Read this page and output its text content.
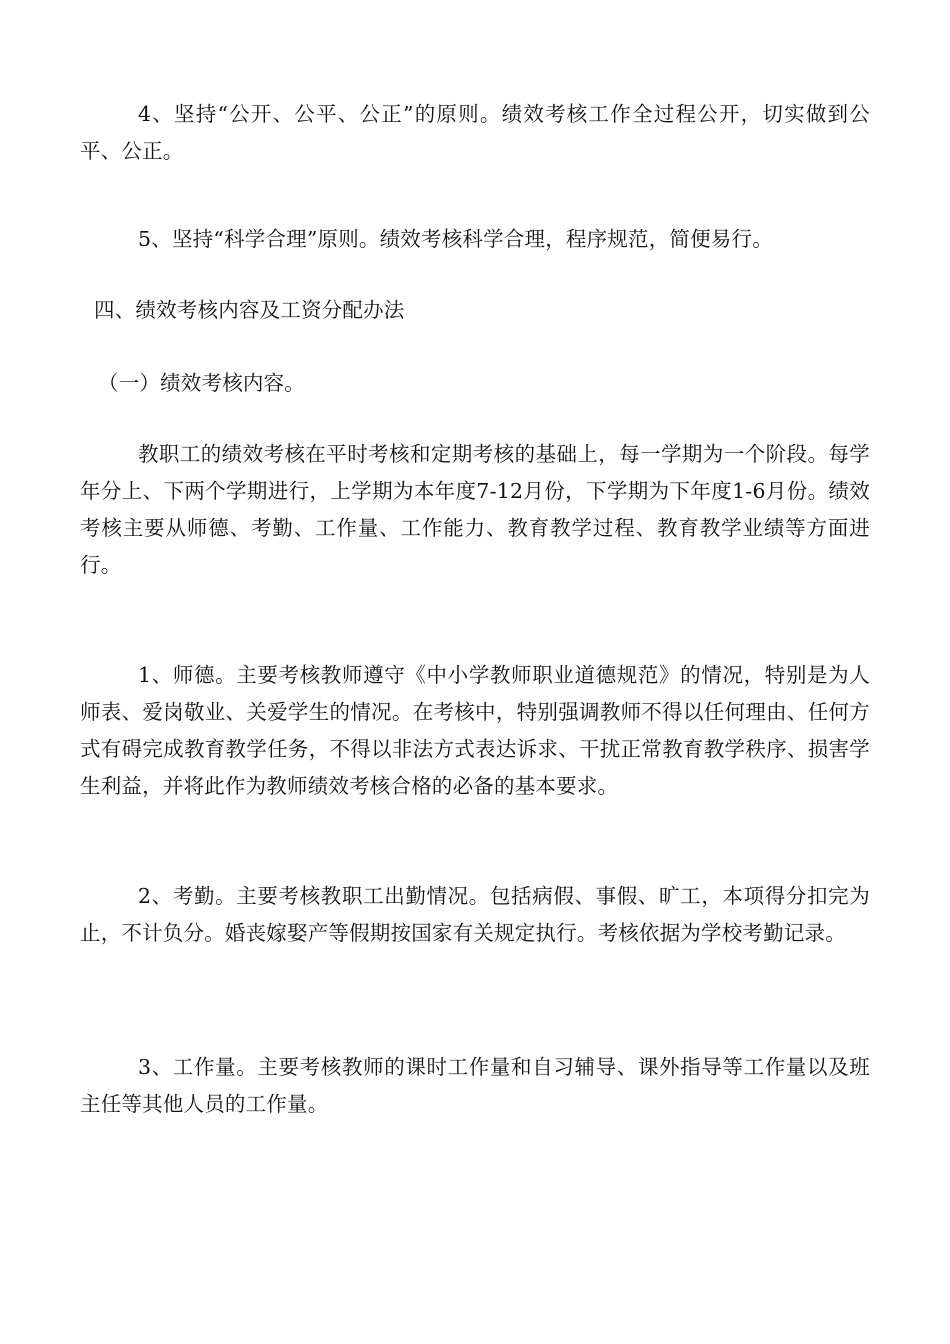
4、坚持“公开、公平、公正”的原则。绩效考核工作全过程公开，切实做到公平、公正。

5、坚持“科学合理”原则。绩效考核科学合理，程序规范，简便易行。

四、绩效考核内容及工资分配办法

（一）绩效考核内容。

教职工的绩效考核在平时考核和定期考核的基础上，每一学期为一个阶段。每学年分上、下两个学期进行，上学期为本年度7-12月份，下学期为下年度1-6月份。绩效考核主要从师德、考勤、工作量、工作能力、教育教学过程、教育教学业绩等方面进行。

1、师德。主要考核教师遵守《中小学教师职业道德规范》的情况，特别是为人师表、爱岗敬业、关爱学生的情况。在考核中，特别强调教师不得以任何理由、任何方式有碍完成教育教学任务，不得以非法方式表达诉求、干扰正常教育教学秩序、损害学生利益，并将此作为教师绩效考核合格的必备的基本要求。

2、考勤。主要考核教职工出勤情况。包括病假、事假、旷工，本项得分扣完为止，不计负分。婚丧嫁娶产等假期按国家有关规定执行。考核依据为学校考勤记录。

3、工作量。主要考核教师的课时工作量和自习辅导、课外指导等工作量以及班主任等其他人员的工作量。
